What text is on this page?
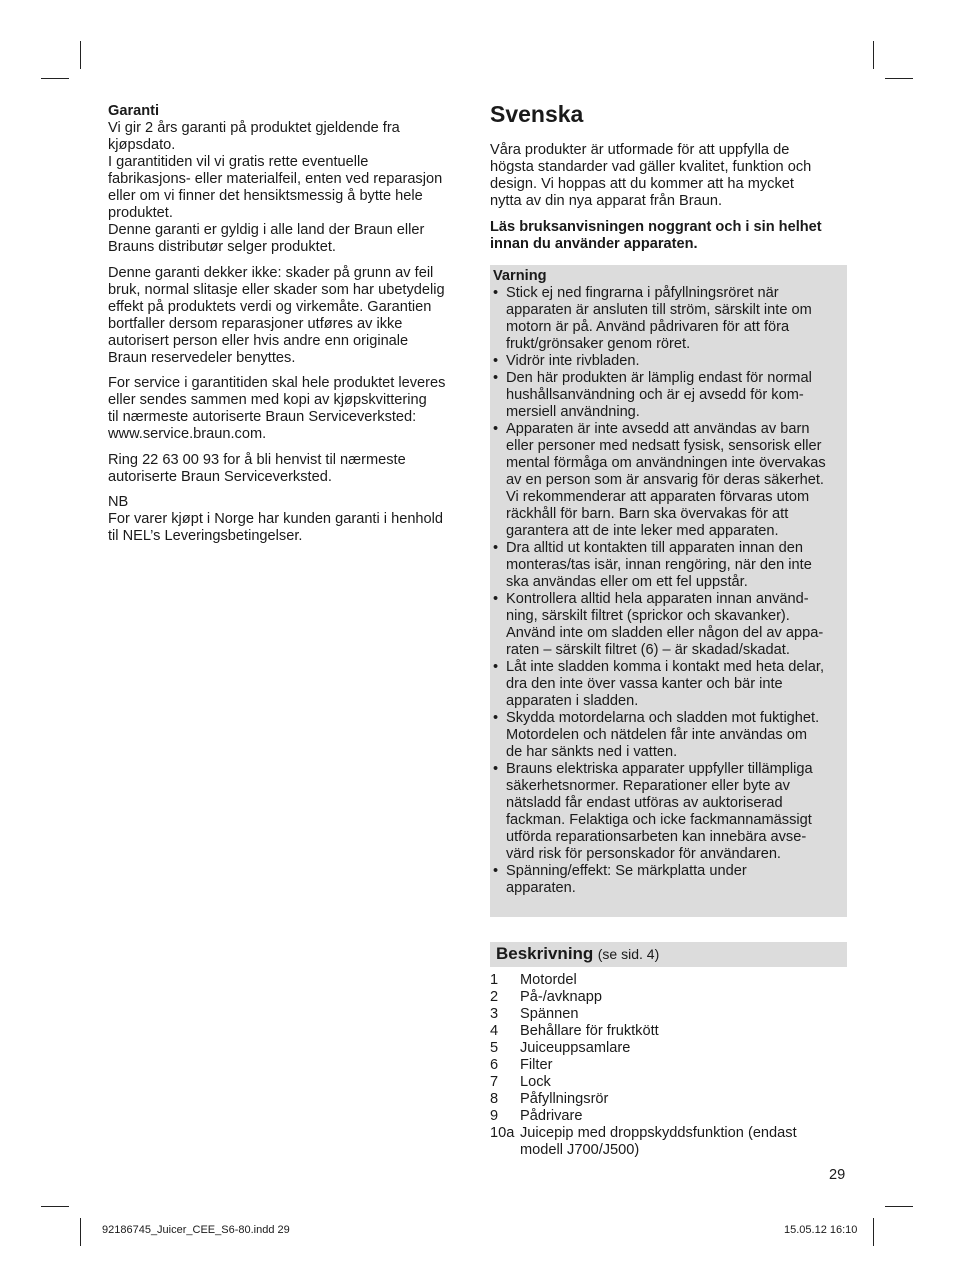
Garanti

Vi gir 2 års garanti på produktet gjeldende fra
kjøpsdato.
I garantitiden vil vi gratis rette eventuelle
fabrikasjons- eller materialfeil, enten ved reparasjon
eller om vi finner det hensiktsmessig å bytte hele
produktet.
Denne garanti er gyldig i alle land der Braun eller
Brauns distributør selger produktet.

Denne garanti dekker ikke: skader på grunn av feil
bruk, normal slitasje eller skader som har ubetydelig
effekt på produktets verdi og virkemåte. Garantien
bortfaller dersom reparasjoner utføres av ikke
autorisert person eller hvis andre enn originale
Braun reservedeler benyttes.

For service i garantitiden skal hele produktet leveres
eller sendes sammen med kopi av kjøpskvittering
til nærmeste autoriserte Braun Serviceverksted:
www.service.braun.com.

Ring 22 63 00 93 for å bli henvist til nærmeste
autoriserte Braun Serviceverksted.

NB
For varer kjøpt i Norge har kunden garanti i henhold
til NEL’s Leveringsbetingelser.

Svenska

Våra produkter är utformade för att uppfylla de
högsta standarder vad gäller kvalitet, funktion och
design. Vi hoppas att du kommer att ha mycket
nytta av din nya apparat från Braun.

Läs bruksanvisningen noggrant och i sin helhet
innan du använder apparaten.

Varning
• Stick ej ned fingrarna i påfyllningsröret när
apparaten är ansluten till ström, särskilt inte om
motorn är på. Använd pådrivaren för att föra
frukt/grönsaker genom röret.
• Vidrör inte rivbladen.
• Den här produkten är lämplig endast för normal
hushållsanvändning och är ej avsedd för kom-
mersiell användning.
• Apparaten är inte avsedd att användas av barn
eller personer med nedsatt fysisk, sensorisk eller
mental förmåga om användningen inte övervakas
av en person som är ansvarig för deras säkerhet.
Vi rekommenderar att apparaten förvaras utom
räckhåll för barn. Barn ska övervakas för att
garantera att de inte leker med apparaten.
• Dra alltid ut kontakten till apparaten innan den
monteras/tas isär, innan rengöring, när den inte
ska användas eller om ett fel uppstår.
• Kontrollera alltid hela apparaten innan använd-
ning, särskilt filtret (sprickor och skavanker).
Använd inte om sladden eller någon del av appa-
raten – särskilt filtret (6) – är skadad/skadat.
• Låt inte sladden komma i kontakt med heta delar,
dra den inte över vassa kanter och bär inte
apparaten i sladden.
• Skydda motordelarna och sladden mot fuktighet.
Motordelen och nätdelen får inte användas om
de har sänkts ned i vatten.
• Brauns elektriska apparater uppfyller tillämpliga
säkerhetsnormer. Reparationer eller byte av
nätsladd får endast utföras av auktoriserad
fackman. Felaktiga och icke fackmannamässigt
utförda reparationsarbeten kan innebära avse-
värd risk för personskador för användaren.
• Spänning/effekt: Se märkplatta under
apparaten.
Beskrivning (se sid. 4)
1 Motordel
2 På-/avknapp
3 Spännen
4 Behållare för fruktkött
5 Juiceuppsamlare
6 Filter
7 Lock
8 Påfyllningsrör
9 Pådrivare
10a Juicepip med droppskyddsfunktion (endast
modell J700/J500)
29
92186745_Juicer_CEE_S6-80.indd 29	15.05.12 16:10
